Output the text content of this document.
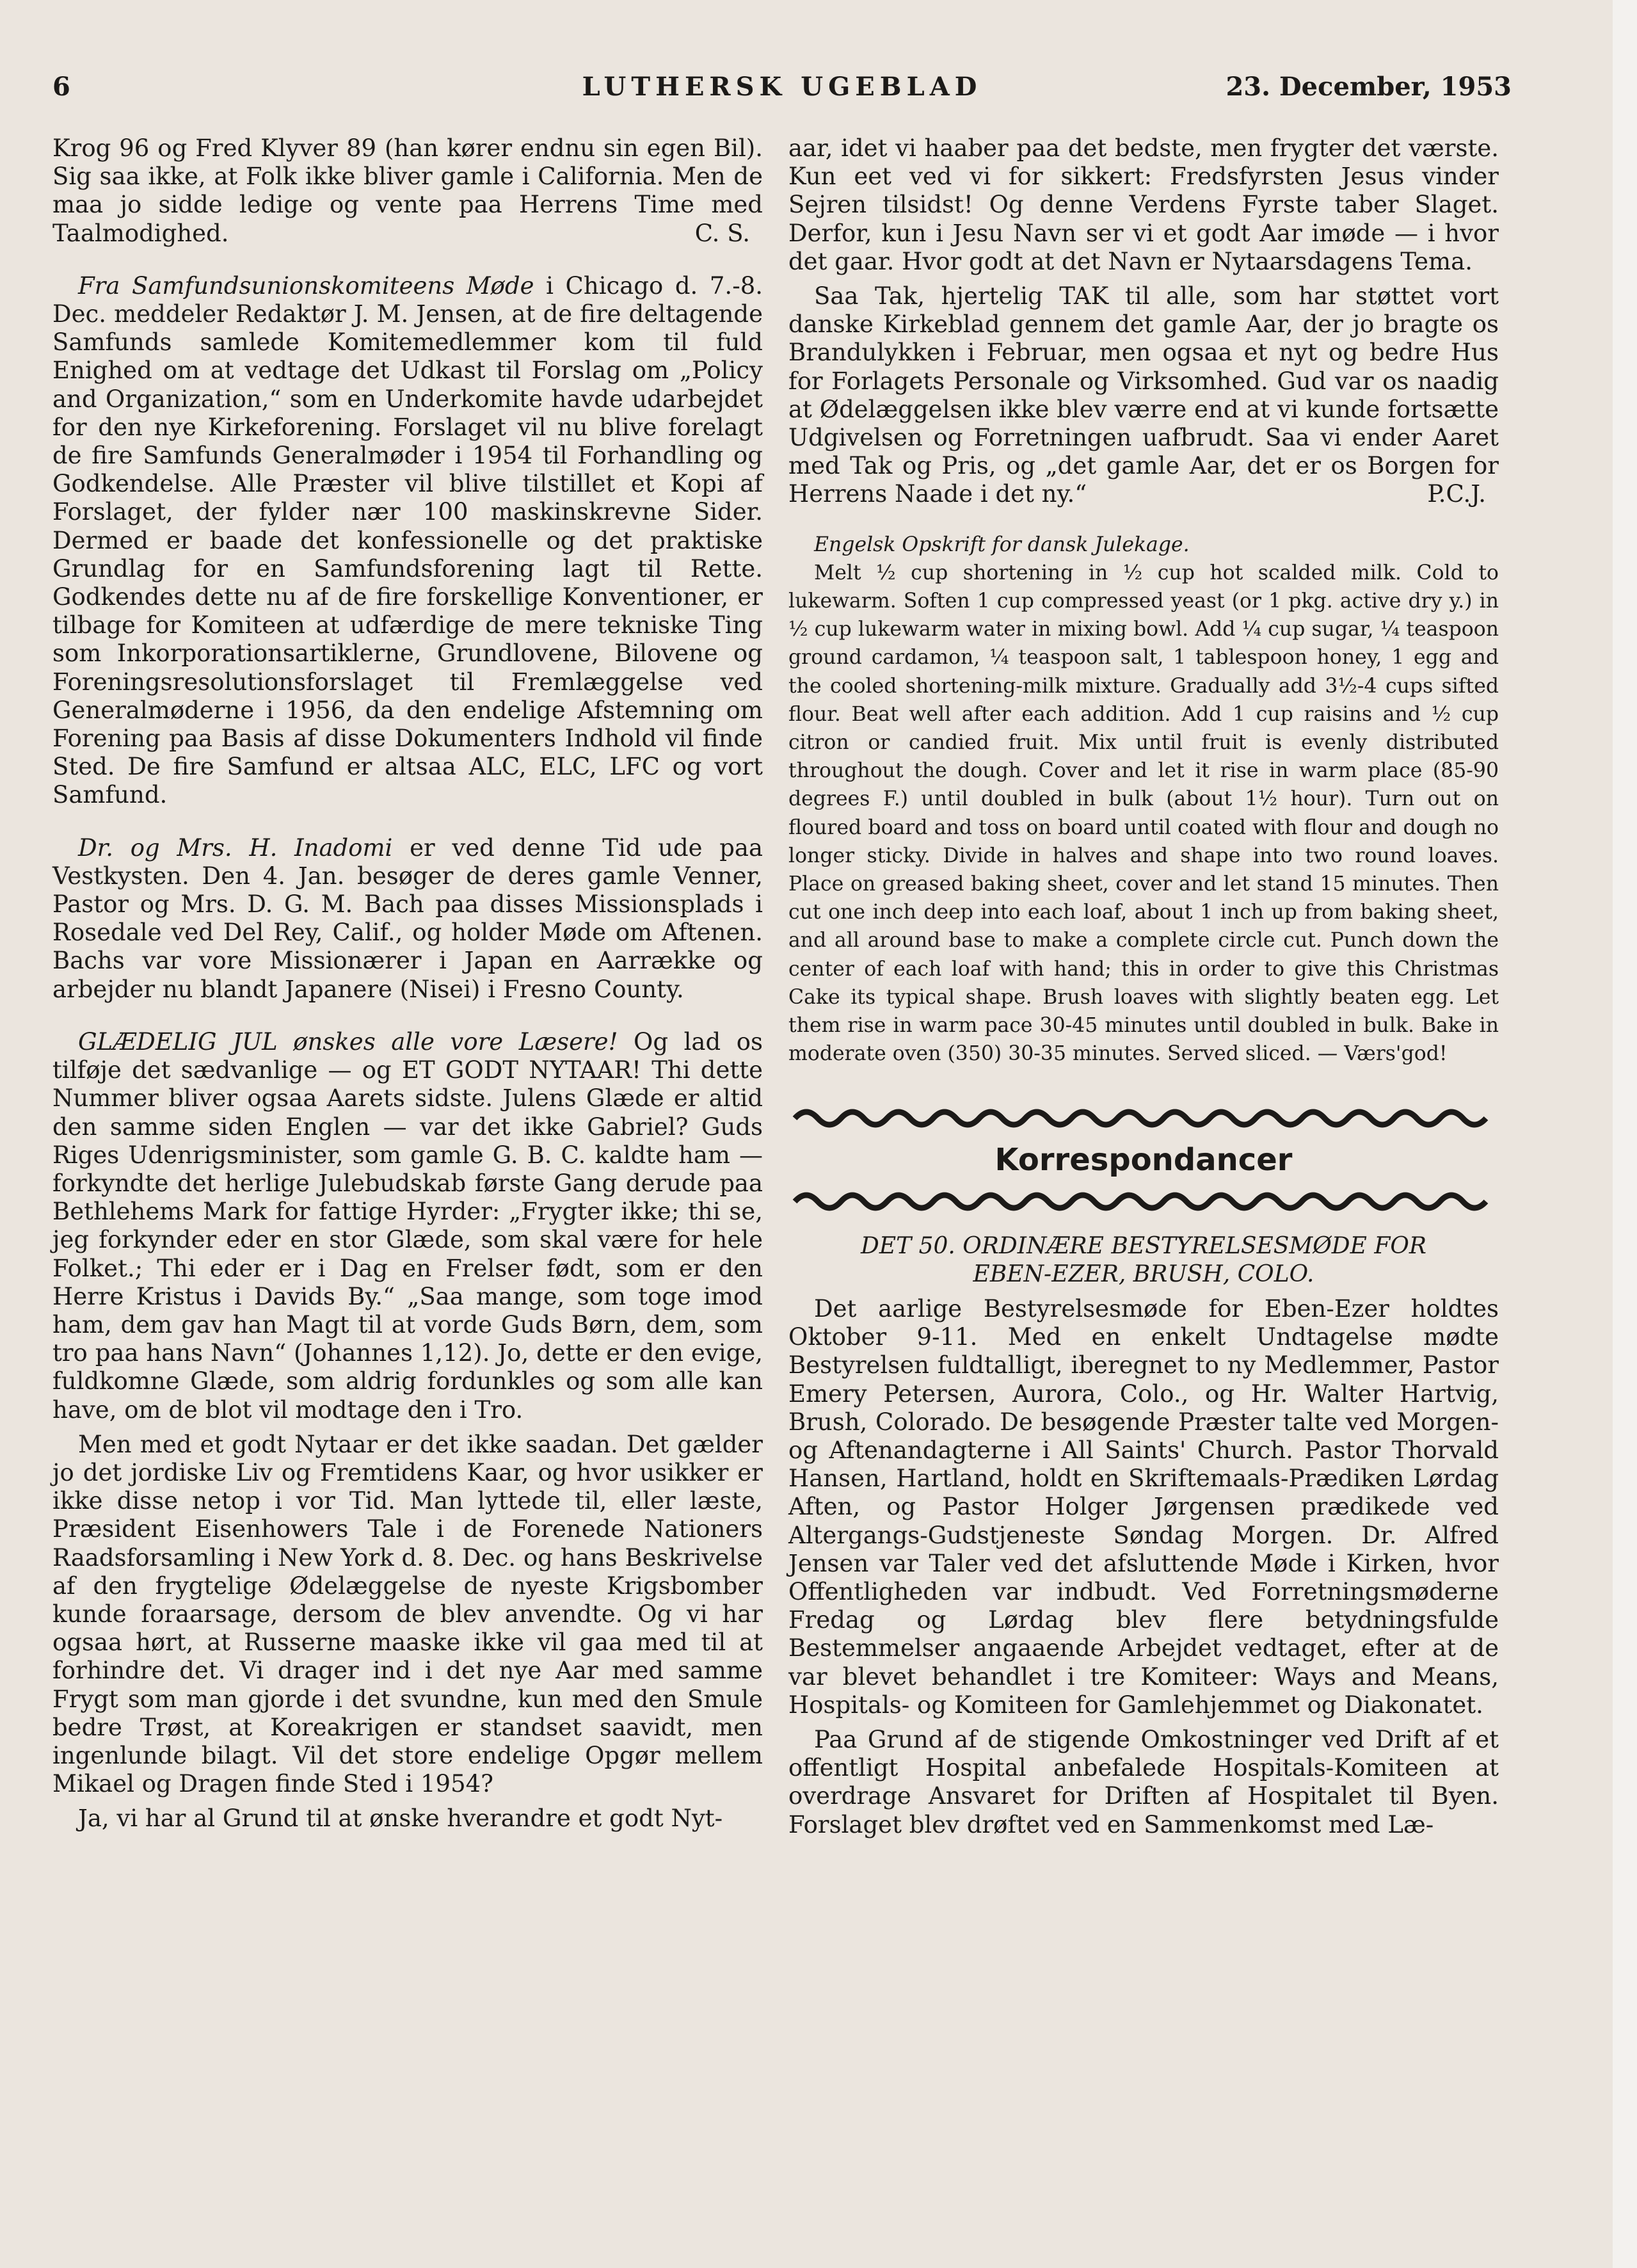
6	LUTHERSK UGEBLAD	23. December, 1953

Krog 96 og Fred Klyver 89 (han kører endnu sin egen Bil). Sig saa ikke, at Folk ikke bliver gamle i California. Men de maa jo sidde ledige og vente paa Herrens Time med Taalmodighed.	C. S.

Fra Samfundsunionskomiteens Møde i Chicago d. 7.-8. Dec. meddeler Redaktør J. M. Jensen, at de fire deltagende Samfunds samlede Komitemedlemmer kom til fuld Enighed om at vedtage det Udkast til Forslag om „Policy and Organization,“ som en Underkomite havde udarbejdet for den nye Kirkeforening. Forslaget vil nu blive forelagt de fire Samfunds Generalmøder i 1954 til Forhandling og Godkendelse. Alle Præster vil blive tilstillet et Kopi af Forslaget, der fylder nær 100 maskinskrevne Sider. Dermed er baade det konfessionelle og det praktiske Grundlag for en Samfundsforening lagt til Rette. Godkendes dette nu af de fire forskellige Konventioner, er tilbage for Komiteen at udfærdige de mere tekniske Ting som Inkorporationsartiklerne, Grundlovene, Bilovene og Foreningsresolutionsforslaget til Fremlæggelse ved Generalmøderne i 1956, da den endelige Afstemning om Forening paa Basis af disse Dokumenters Indhold vil finde Sted. De fire Samfund er altsaa ALC, ELC, LFC og vort Samfund.

Dr. og Mrs. H. Inadomi er ved denne Tid ude paa Vestkysten. Den 4. Jan. besøger de deres gamle Venner, Pastor og Mrs. D. G. M. Bach paa disses Missionsplads i Rosedale ved Del Rey, Calif., og holder Møde om Aftenen. Bachs var vore Missionærer i Japan en Aarrække og arbejder nu blandt Japanere (Nisei) i Fresno County.

GLÆDELIG JUL ønskes alle vore Læsere! Og lad os tilføje det sædvanlige — og ET GODT NYTAAR! Thi dette Nummer bliver ogsaa Aarets sidste. Julens Glæde er altid den samme siden Englen — var det ikke Gabriel? Guds Riges Udenrigsminister, som gamle G. B. C. kaldte ham — forkyndte det herlige Julebudskab første Gang derude paa Bethlehems Mark for fattige Hyrder: „Frygter ikke; thi se, jeg forkynder eder en stor Glæde, som skal være for hele Folket.; Thi eder er i Dag en Frelser født, som er den Herre Kristus i Davids By.“ „Saa mange, som toge imod ham, dem gav han Magt til at vorde Guds Børn, dem, som tro paa hans Navn“ (Johannes 1,12). Jo, dette er den evige, fuldkomne Glæde, som aldrig fordunkles og som alle kan have, om de blot vil modtage den i Tro.

Men med et godt Nytaar er det ikke saadan. Det gælder jo det jordiske Liv og Fremtidens Kaar, og hvor usikker er ikke disse netop i vor Tid. Man lyttede til, eller læste, Præsident Eisenhowers Tale i de Forenede Nationers Raadsforsamling i New York d. 8. Dec. og hans Beskrivelse af den frygtelige Ødelæggelse de nyeste Krigsbomber kunde foraarsage, dersom de blev anvendte. Og vi har ogsaa hørt, at Russerne maaske ikke vil gaa med til at forhindre det. Vi drager ind i det nye Aar med samme Frygt som man gjorde i det svundne, kun med den Smule bedre Trøst, at Koreakrigen er standset saavidt, men ingenlunde bilagt. Vil det store endelige Opgør mellem Mikael og Dragen finde Sted i 1954?

Ja, vi har al Grund til at ønske hverandre et godt Nyt-

aar, idet vi haaber paa det bedste, men frygter det værste. Kun eet ved vi for sikkert: Fredsfyrsten Jesus vinder Sejren tilsidst! Og denne Verdens Fyrste taber Slaget. Derfor, kun i Jesu Navn ser vi et godt Aar imøde — i hvor det gaar. Hvor godt at det Navn er Nytaarsdagens Tema.

Saa Tak, hjertelig TAK til alle, som har støttet vort danske Kirkeblad gennem det gamle Aar, der jo bragte os Brandulykken i Februar, men ogsaa et nyt og bedre Hus for Forlagets Personale og Virksomhed. Gud var os naadig at Ødelæggelsen ikke blev værre end at vi kunde fortsætte Udgivelsen og Forretningen uafbrudt. Saa vi ender Aaret med Tak og Pris, og „det gamle Aar, det er os Borgen for Herrens Naade i det ny.“	P.C.J.

Engelsk Opskrift for dansk Julekage.

Melt ½ cup shortening in ½ cup hot scalded milk. Cold to lukewarm. Soften 1 cup compressed yeast (or 1 pkg. active dry y.) in ½ cup lukewarm water in mixing bowl. Add ¼ cup sugar, ¼ teaspoon ground cardamon, ¼ teaspoon salt, 1 tablespoon honey, 1 egg and the cooled shortening-milk mixture. Gradually add 3½-4 cups sifted flour. Beat well after each addition. Add 1 cup raisins and ½ cup citron or candied fruit. Mix until fruit is evenly distributed throughout the dough. Cover and let it rise in warm place (85-90 degrees F.) until doubled in bulk (about 1½ hour). Turn out on floured board and toss on board until coated with flour and dough no longer sticky. Divide in halves and shape into two round loaves. Place on greased baking sheet, cover and let stand 15 minutes. Then cut one inch deep into each loaf, about 1 inch up from baking sheet, and all around base to make a complete circle cut. Punch down the center of each loaf with hand; this in order to give this Christmas Cake its typical shape. Brush loaves with slightly beaten egg. Let them rise in warm pace 30-45 minutes until doubled in bulk. Bake in moderate oven (350) 30-35 minutes. Served sliced. — Værs'god!

Korrespondancer
DET 50. ORDINÆRE BESTYRELSESMØDE FOR
EBEN-EZER, BRUSH, COLO.

Det aarlige Bestyrelsesmøde for Eben-Ezer holdtes Oktober 9-11. Med en enkelt Undtagelse mødte Bestyrelsen fuldtalligt, iberegnet to ny Medlemmer, Pastor Emery Petersen, Aurora, Colo., og Hr. Walter Hartvig, Brush, Colorado. De besøgende Præster talte ved Morgen- og Aftenandagterne i All Saints' Church. Pastor Thorvald Hansen, Hartland, holdt en Skriftemaals-Prædiken Lørdag Aften, og Pastor Holger Jørgensen prædikede ved Altergangs-Gudstjeneste Søndag Morgen. Dr. Alfred Jensen var Taler ved det afsluttende Møde i Kirken, hvor Offentligheden var indbudt. Ved Forretningsmøderne Fredag og Lørdag blev flere betydningsfulde Bestemmelser angaaende Arbejdet vedtaget, efter at de var blevet behandlet i tre Komiteer: Ways and Means, Hospitals- og Komiteen for Gamlehjemmet og Diakonatet.

Paa Grund af de stigende Omkostninger ved Drift af et offentligt Hospital anbefalede Hospitals-Komiteen at overdrage Ansvaret for Driften af Hospitalet til Byen. Forslaget blev drøftet ved en Sammenkomst med Læ-
